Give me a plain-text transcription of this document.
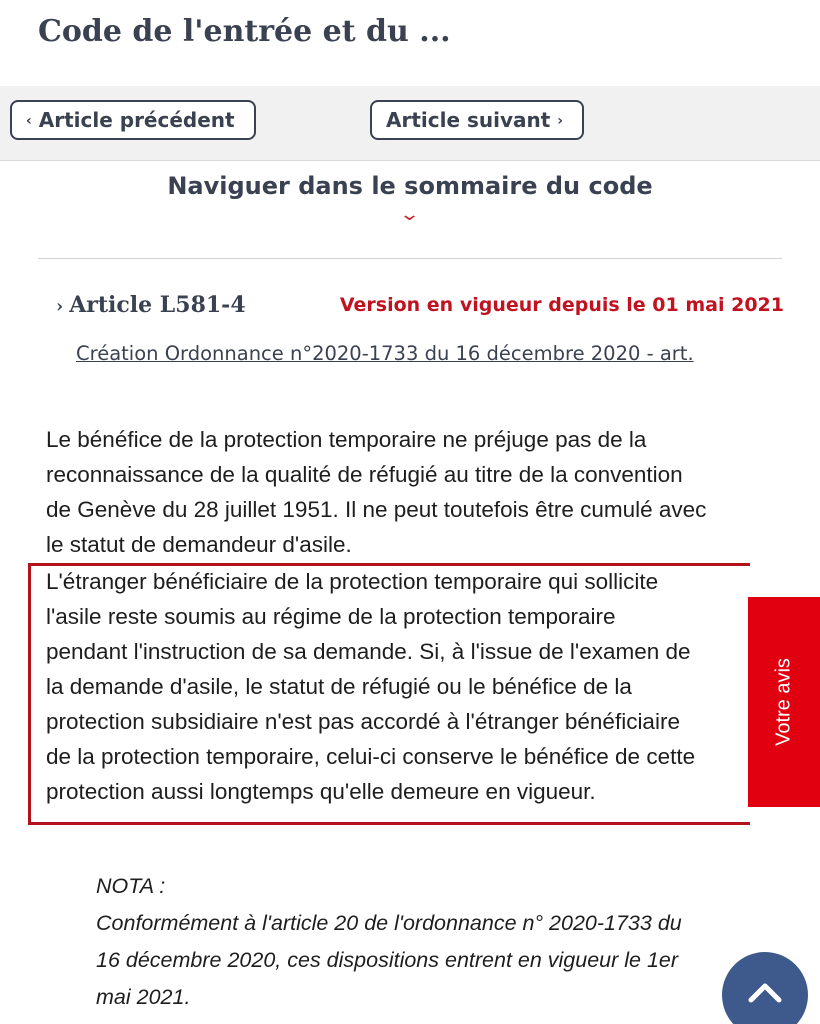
Code de l'entrée et du ...
‹ Article précédent	Article suivant ›
Naviguer dans le sommaire du code
⌄
› Article L581-4	Version en vigueur depuis le 01 mai 2021
Création Ordonnance n°2020-1733 du 16 décembre 2020 - art.
Le bénéfice de la protection temporaire ne préjuge pas de la
reconnaissance de la qualité de réfugié au titre de la convention
de Genève du 28 juillet 1951. Il ne peut toutefois être cumulé avec
le statut de demandeur d'asile.
L'étranger bénéficiaire de la protection temporaire qui sollicite
l'asile reste soumis au régime de la protection temporaire
pendant l'instruction de sa demande. Si, à l'issue de l'examen de
la demande d'asile, le statut de réfugié ou le bénéfice de la
protection subsidiaire n'est pas accordé à l'étranger bénéficiaire
de la protection temporaire, celui-ci conserve le bénéfice de cette
protection aussi longtemps qu'elle demeure en vigueur.
Votre avis
NOTA :
Conformément à l'article 20 de l'ordonnance n° 2020-1733 du
16 décembre 2020, ces dispositions entrent en vigueur le 1er
mai 2021.
